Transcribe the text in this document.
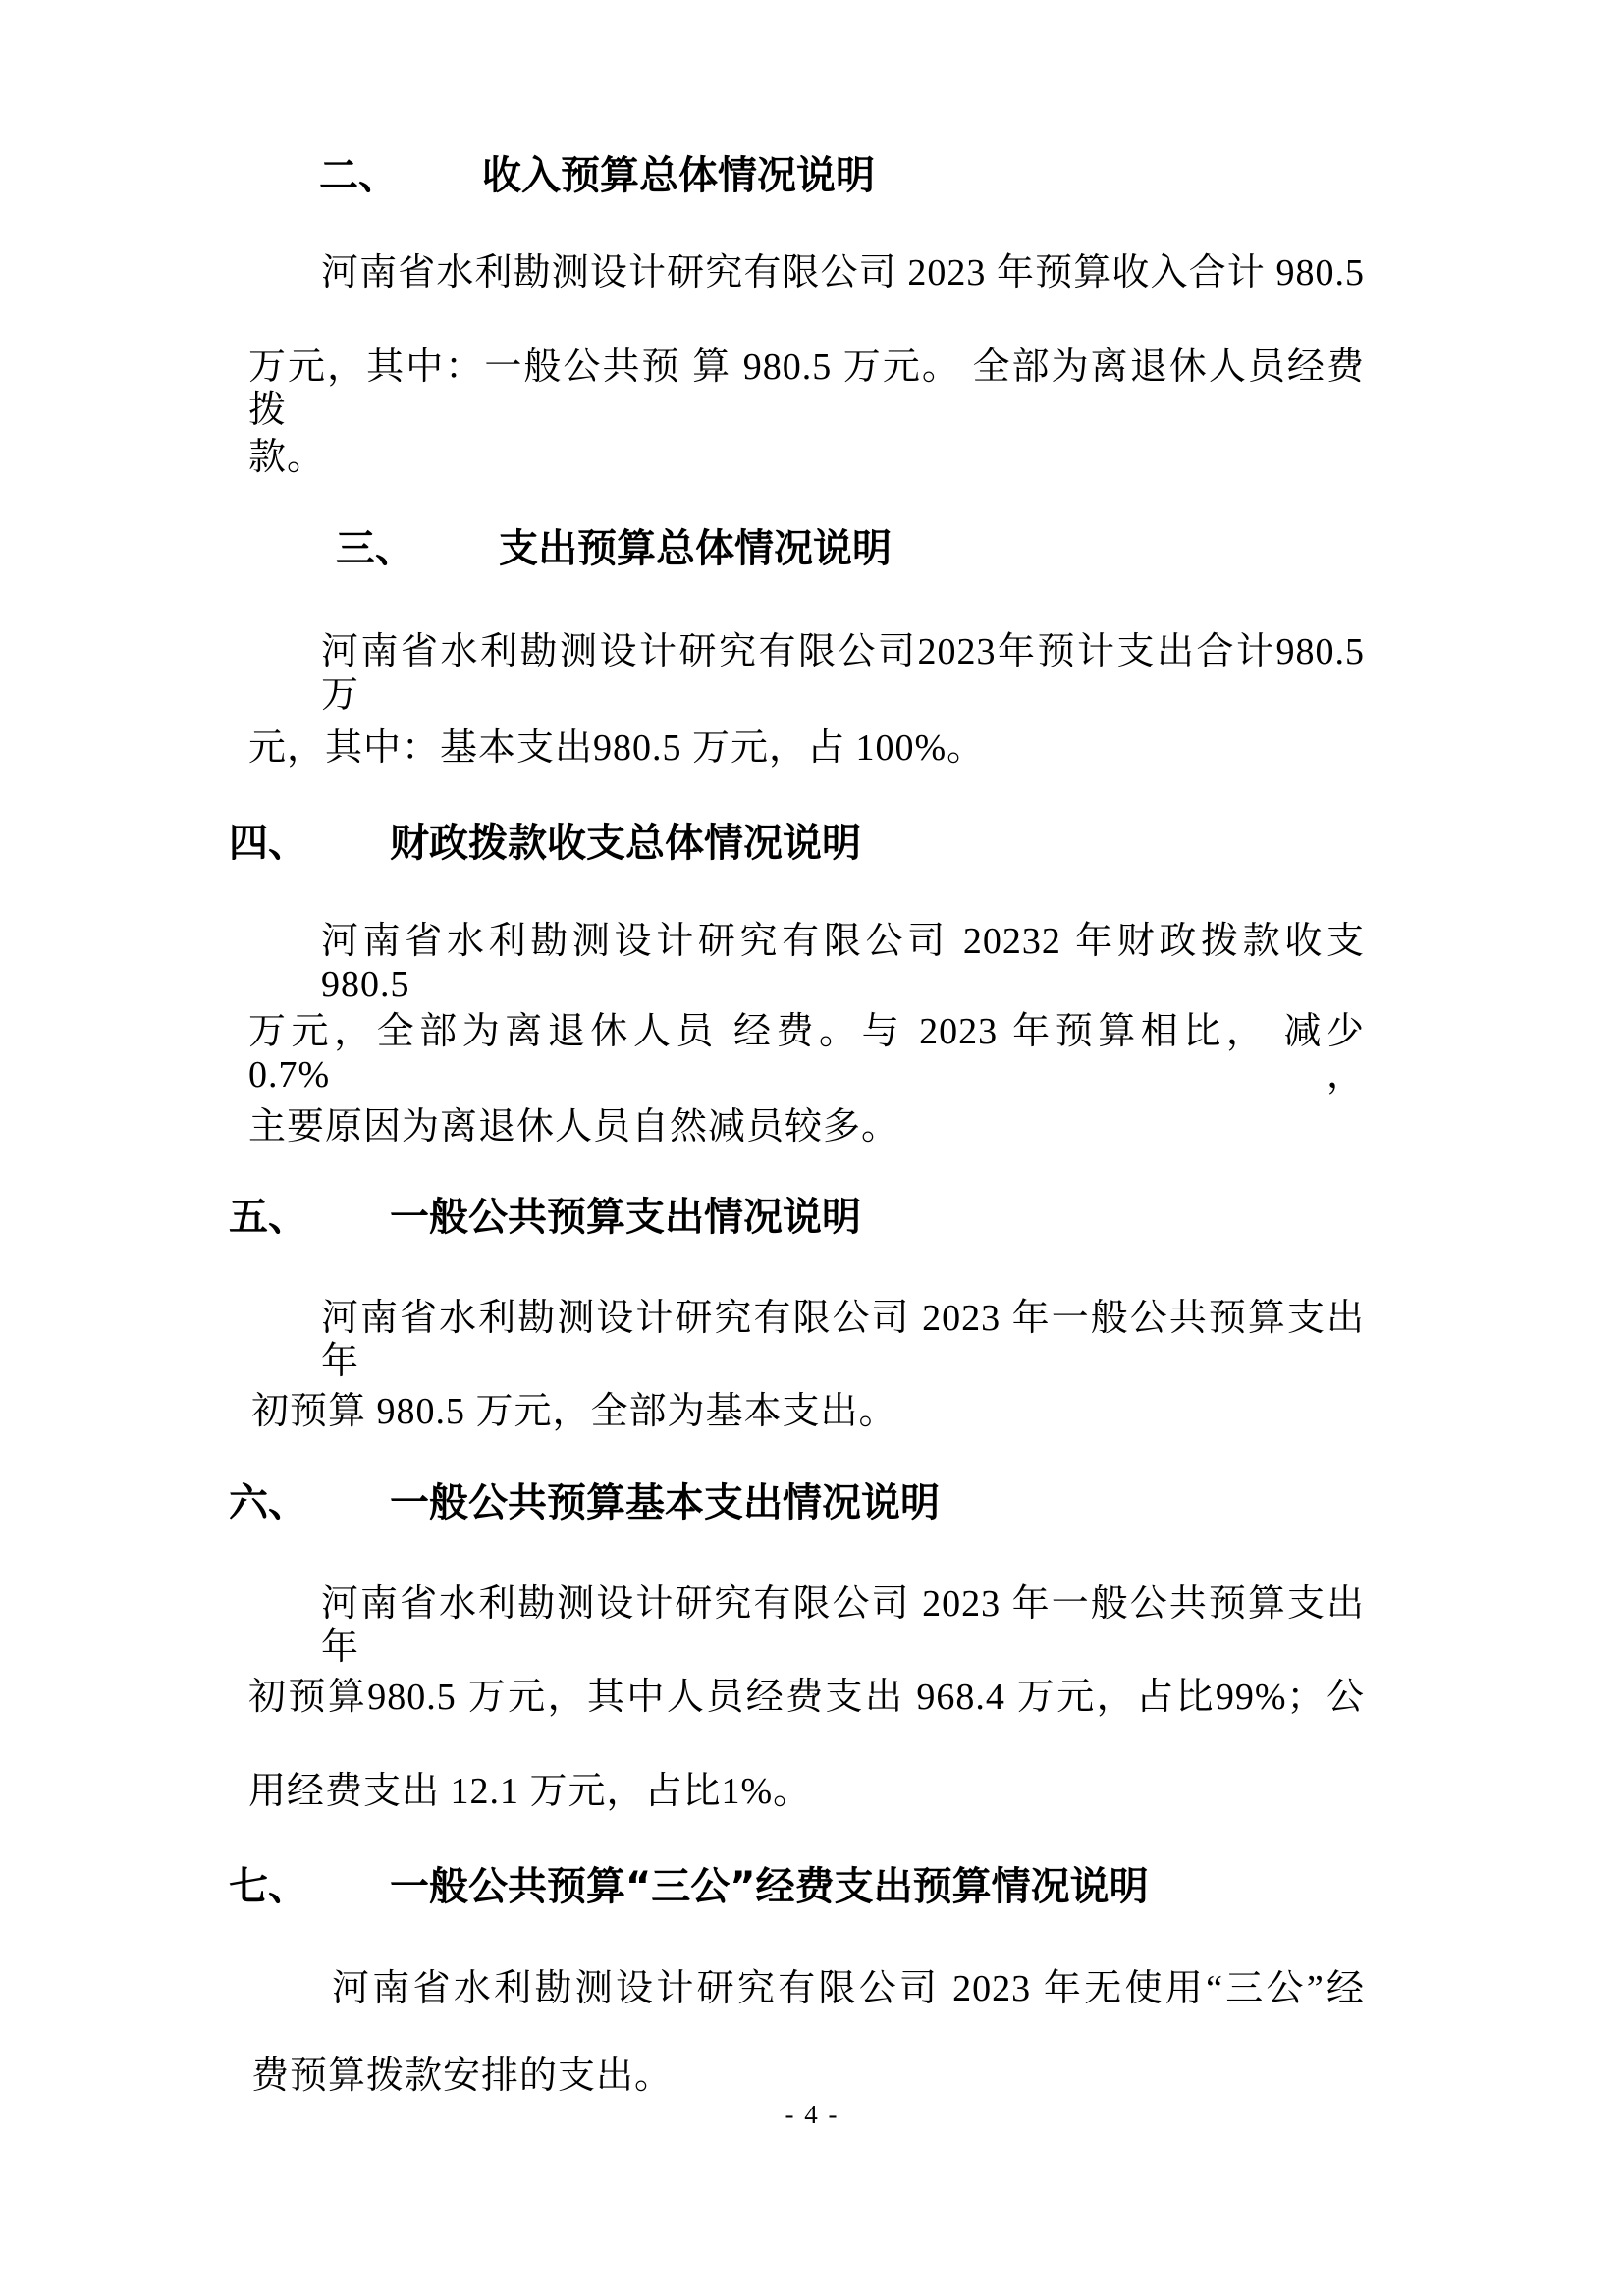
二、 收入预算总体情况说明
河南省水利勘测设计研究有限公司 2023 年预算收入合计 980.5
万元，其中：一般公共预 算 980.5 万元。 全部为离退休人员经费拨
款。
三、 支出预算总体情况说明
河南省水利勘测设计研究有限公司2023年预计支出合计980.5 万
元，其中：基本支出980.5 万元，占 100%。
四、 财政拨款收支总体情况说明
河南省水利勘测设计研究有限公司 20232 年财政拨款收支 980.5
万元，全部为离退休人员 经费。与 2023 年预算相比， 减少 0.7%，
主要原因为离退休人员自然减员较多。
五、 一般公共预算支出情况说明
河南省水利勘测设计研究有限公司 2023 年一般公共预算支出年
初预算 980.5 万元，全部为基本支出。
六、 一般公共预算基本支出情况说明
河南省水利勘测设计研究有限公司 2023 年一般公共预算支出年
初预算980.5 万元，其中人员经费支出 968.4 万元，占比99%；公
用经费支出 12.1 万元，占比1%。
七、 一般公共预算“三公”经费支出预算情况说明
河南省水利勘测设计研究有限公司 2023 年无使用“三公”经
费预算拨款安排的支出。
- 4 -
